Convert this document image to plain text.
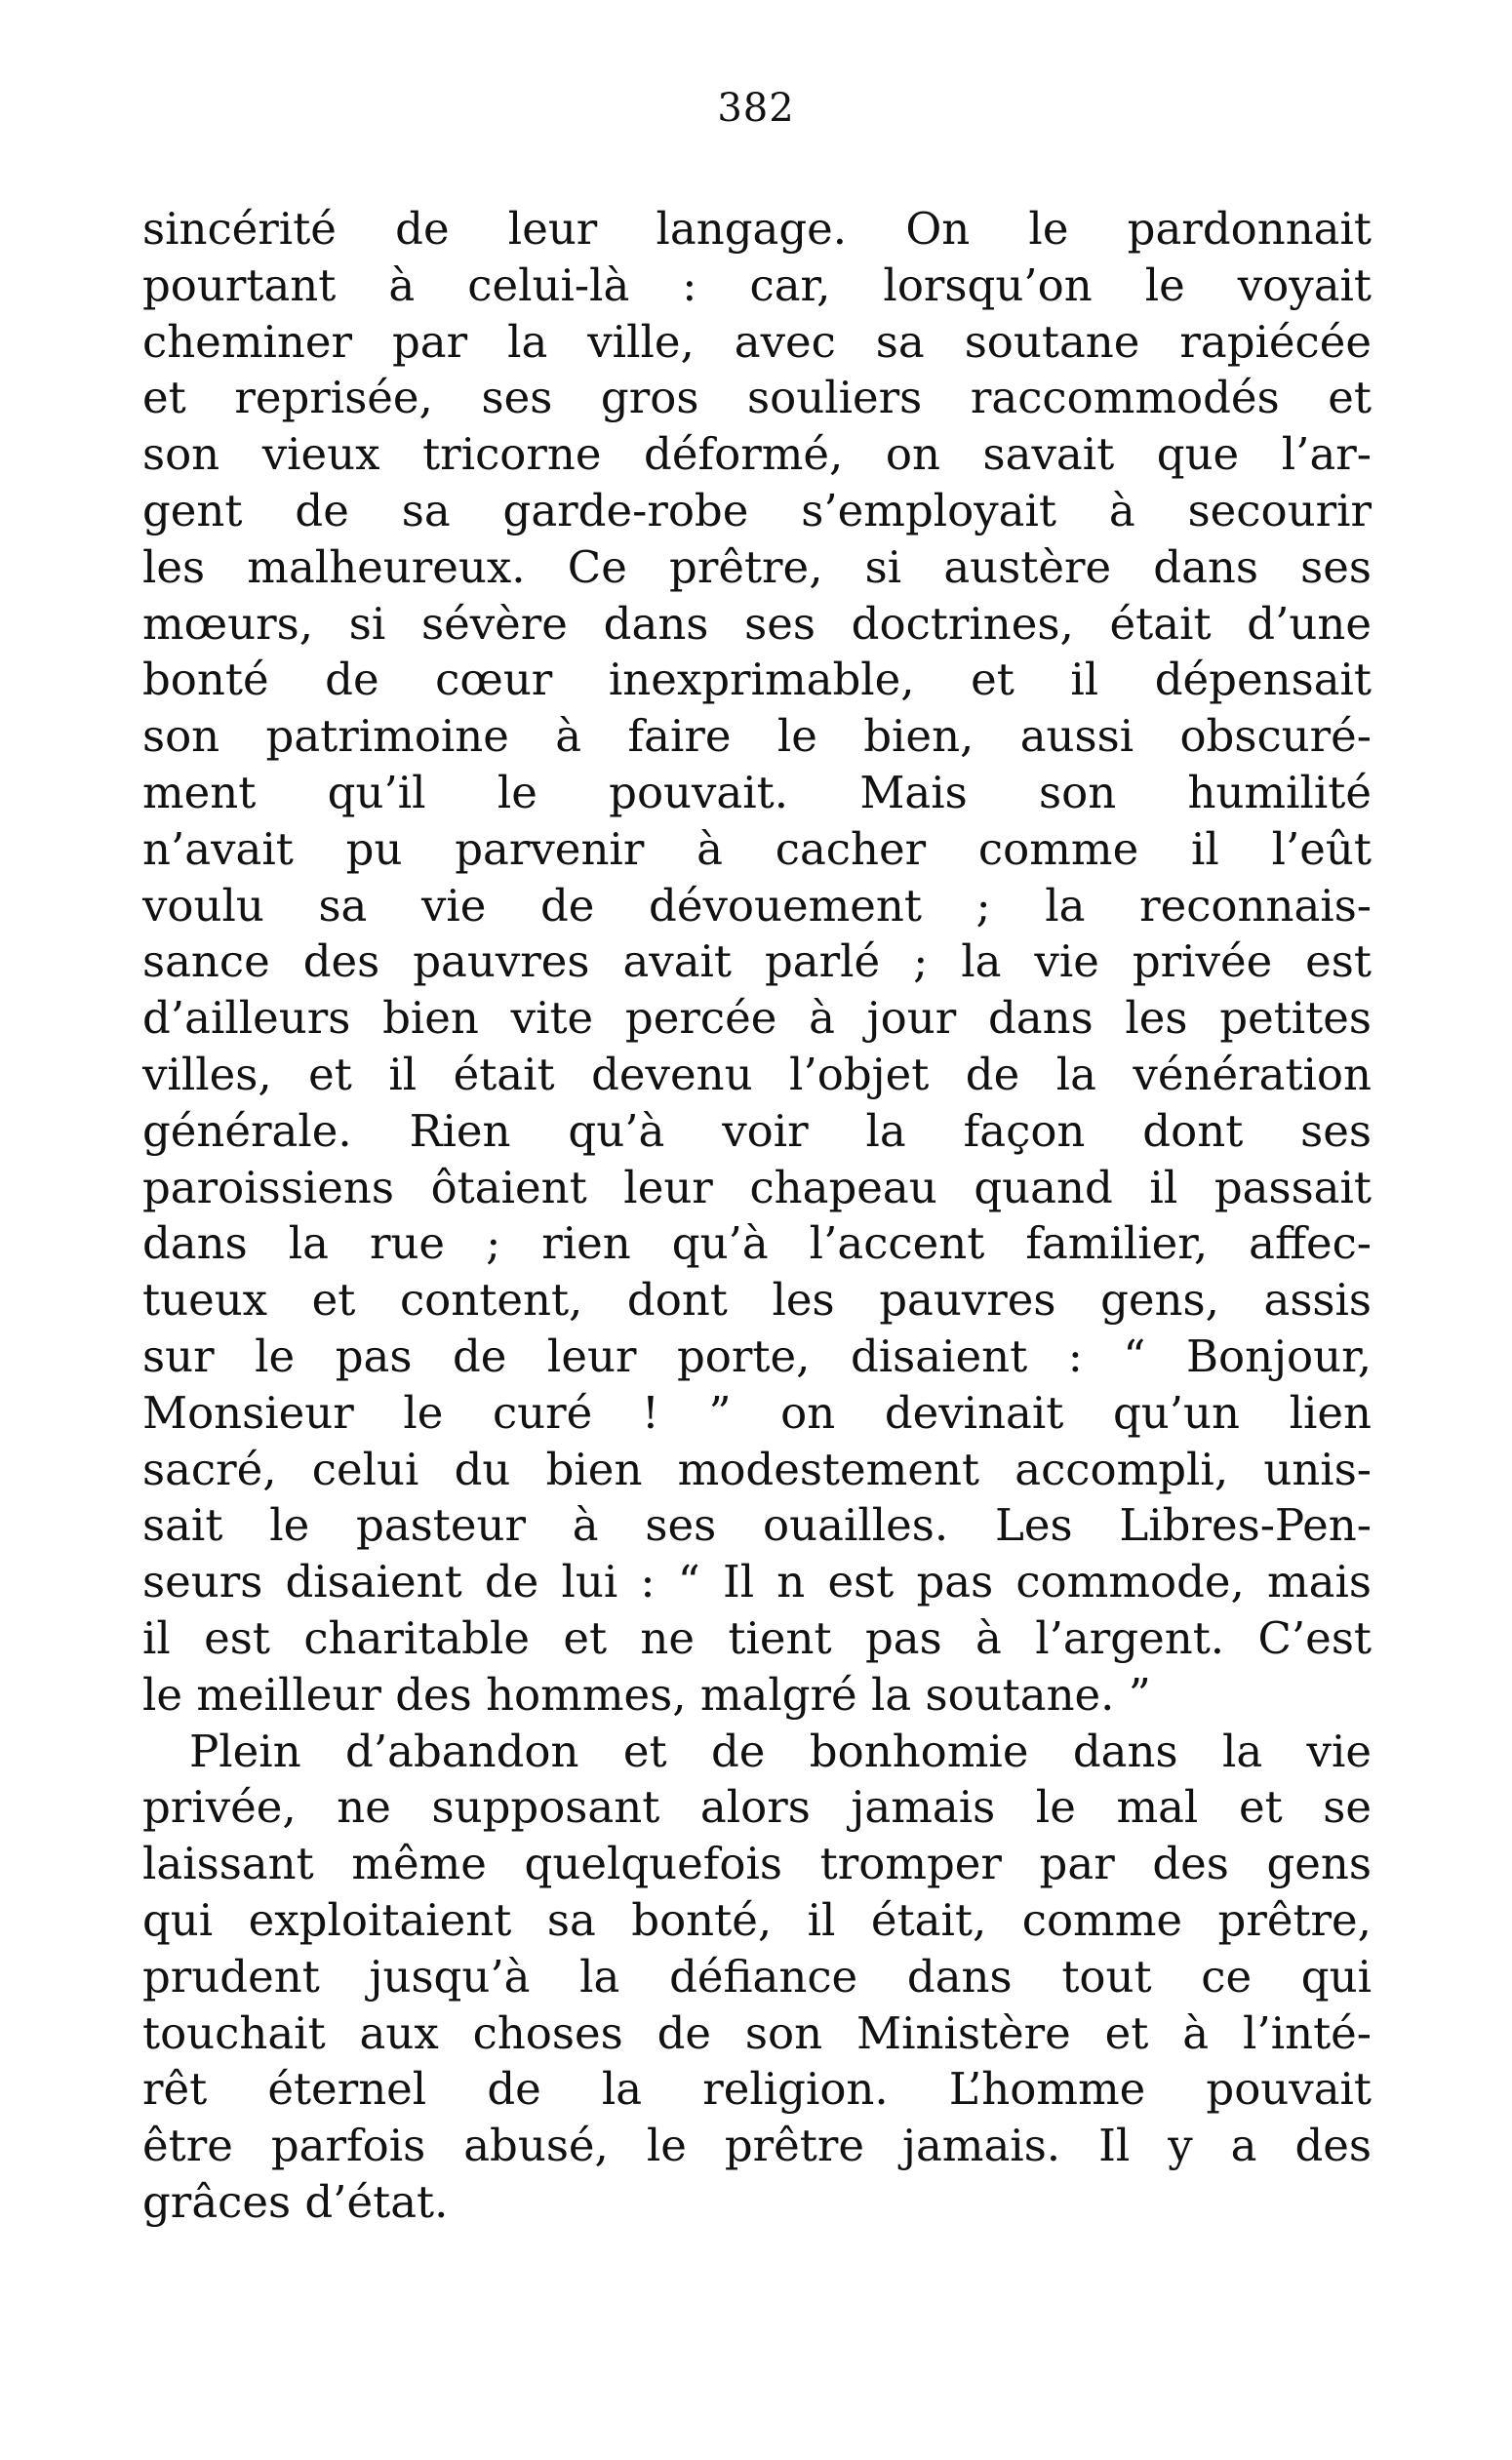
382
sincérité de leur langage. On le pardonnait
pourtant à celui-là : car, lorsqu’on le voyait
cheminer par la ville, avec sa soutane rapiécée
et reprisée, ses gros souliers raccommodés et
son vieux tricorne déformé, on savait que l’ar-
gent de sa garde-robe s’employait à secourir
les malheureux. Ce prêtre, si austère dans ses
mœurs, si sévère dans ses doctrines, était d’une
bonté de cœur inexprimable, et il dépensait
son patrimoine à faire le bien, aussi obscuré-
ment qu’il le pouvait. Mais son humilité
n’avait pu parvenir à cacher comme il l’eût
voulu sa vie de dévouement ; la reconnais-
sance des pauvres avait parlé ; la vie privée est
d’ailleurs bien vite percée à jour dans les petites
villes, et il était devenu l’objet de la vénération
générale. Rien qu’à voir la façon dont ses
paroissiens ôtaient leur chapeau quand il passait
dans la rue ; rien qu’à l’accent familier, affec-
tueux et content, dont les pauvres gens, assis
sur le pas de leur porte, disaient : “ Bonjour,
Monsieur le curé ! ” on devinait qu’un lien
sacré, celui du bien modestement accompli, unis-
sait le pasteur à ses ouailles. Les Libres-Pen-
seurs disaient de lui : “ Il n est pas commode, mais
il est charitable et ne tient pas à l’argent. C’est
le meilleur des hommes, malgré la soutane. ”
Plein d’abandon et de bonhomie dans la vie
privée, ne supposant alors jamais le mal et se
laissant même quelquefois tromper par des gens
qui exploitaient sa bonté, il était, comme prêtre,
prudent jusqu’à la défiance dans tout ce qui
touchait aux choses de son Ministère et à l’inté-
rêt éternel de la religion. L’homme pouvait
être parfois abusé, le prêtre jamais. Il y a des
grâces d’état.
